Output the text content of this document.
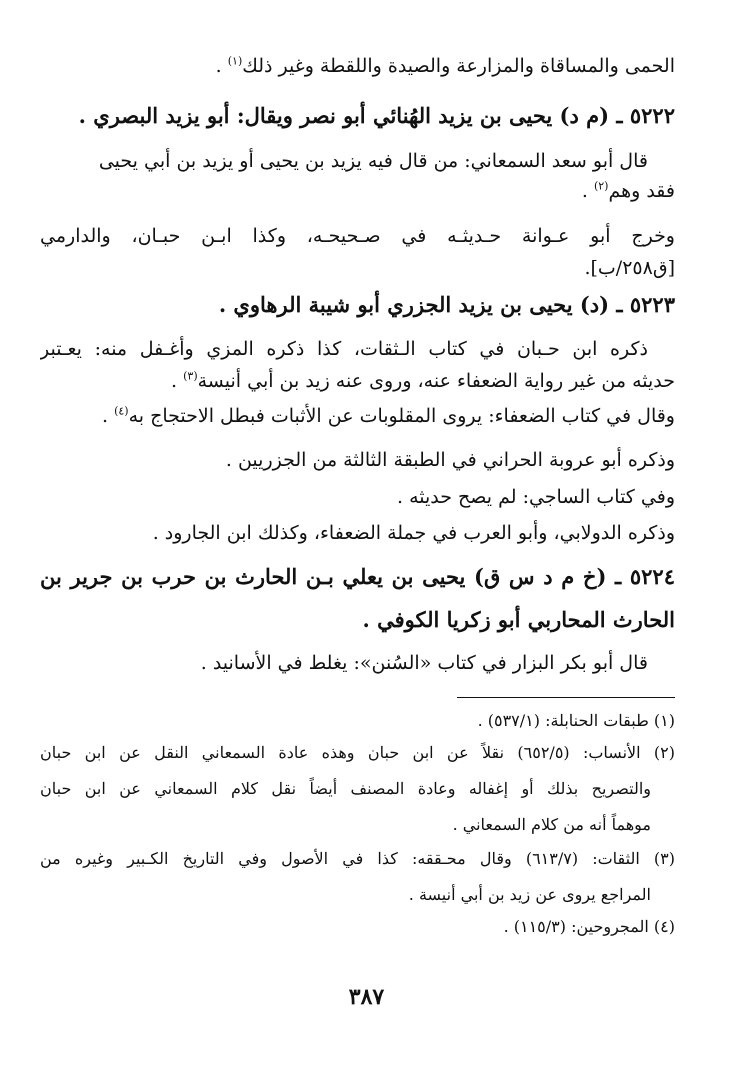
الحمى والمساقاة والمزارعة والصيدة واللقطة وغير ذلك$^{(١)}$ .
٥٢٢٢ ـ (م د) يحيى بن يزيد الهُنائي أبو نصر ويقال: أبو يزيد البصري .
قال أبو سعد السمعاني: من قال فيه يزيد بن يحيى أو يزيد بن أبي يحيى
فقد وهم$^{(٢)}$ .
وخرج أبو عـوانة حـديثـه في صـحيحـه، وكذا ابـن حبـان، والدارمي
[ق٢٥٨/ب].
٥٢٢٣ ـ (د) يحيى بن يزيد الجزري أبو شيبة الرهاوي .
ذكره ابن حـبان في كتاب الـثقات، كذا ذكره المزي وأغـفل منه: يعـتبر
حديثه من غير رواية الضعفاء عنه، وروى عنه زيد بن أبي أنيسة$^{(٣)}$ .
وقال في كتاب الضعفاء: يروى المقلوبات عن الأثبات فبطل الاحتجاج به$^{(٤)}$ .
وذكره أبو عروبة الحراني في الطبقة الثالثة من الجزريين .
وفي كتاب الساجي: لم يصح حديثه .
وذكره الدولابي، وأبو العرب في جملة الضعفاء، وكذلك ابن الجارود .
٥٢٢٤ ـ (خ م د س ق) يحيى بن يعلي بـن الحارث بن حرب بن جرير بن
الحارث المحاربي أبو زكريا الكوفي .
قال أبو بكر البزار في كتاب «السُنن»: يغلط في الأسانيد .
(١) طبقات الحنابلة: (٥٣٧/١) .
(٢) الأنساب: (٦٥٢/٥) نقلاً عن ابن حبان وهذه عادة السمعاني النقل عن ابن حبان
والتصريح بذلك أو إغفاله وعادة المصنف أيضاً نقل كلام السمعاني عن ابن حبان
موهماً أنه من كلام السمعاني .
(٣) الثقات: (٦١٣/٧) وقال محـققه: كذا في الأصول وفي التاريخ الكـبير وغيره من
المراجع يروى عن زيد بن أبي أنيسة .
(٤) المجروحين: (١١٥/٣) .
٣٨٧
